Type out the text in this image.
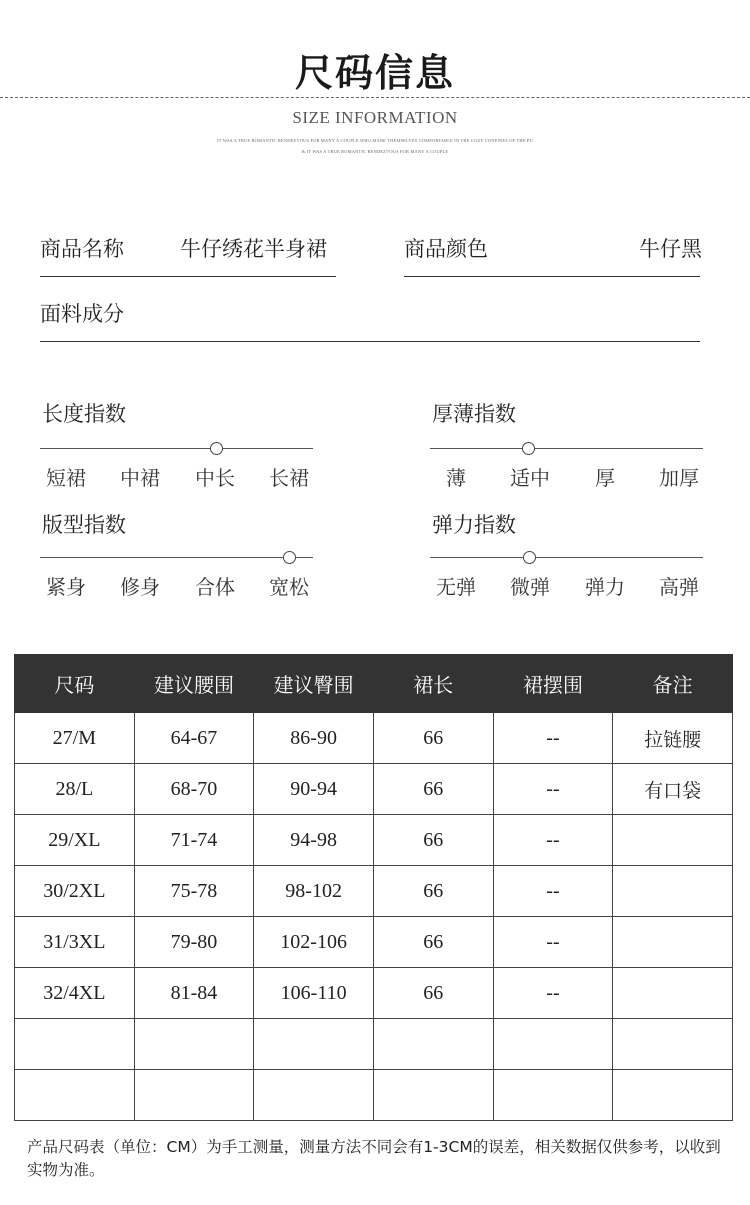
尺码信息
SIZE INFORMATION
IT WAS A TRUE ROMANTIC RENDEZVOUS FOR MANY A COUPLE WHO MADE THEMSELVES COMFORTABLE IN THE COZY CONFINES OF THE PU
& IT WAS A TRUE ROMANTIC RENDEZVOUS FOR MANY A COUPLE
商品名称	牛仔绣花半身裙	商品颜色	牛仔黑
面料成分
长度指数
短裙	中裙	中长	长裙
厚薄指数
薄	适中	厚	加厚
版型指数
紧身	修身	合体	宽松
弹力指数
无弹	微弹	弹力	高弹
尺码	建议腰围	建议臀围	裙长	裙摆围	备注
27/M	64-67	86-90	66	--	拉链腰
28/L	68-70	90-94	66	--	有口袋
29/XL	71-74	94-98	66	--	
30/2XL	75-78	98-102	66	--	
31/3XL	79-80	102-106	66	--	
32/4XL	81-84	106-110	66	--	

产品尺码表（单位：CM）为手工测量，测量方法不同会有1-3CM的误差，相关数据仅供参考，以收到实物为准。
